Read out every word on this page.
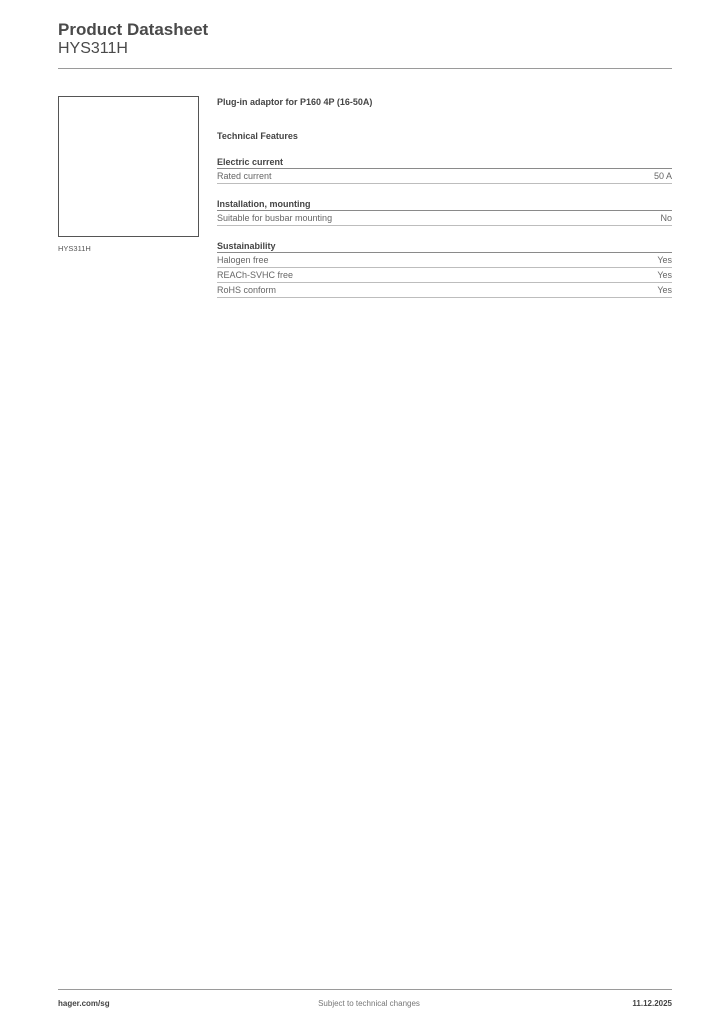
Product Datasheet
HYS311H
HYS311H
Plug-in adaptor for P160 4P (16-50A)
Technical Features
Electric current
Rated current	50 A
Installation, mounting
Suitable for busbar mounting	No
Sustainability
Halogen free	Yes
REACh-SVHC free	Yes
RoHS conform	Yes
hager.com/sg	Subject to technical changes	11.12.2025
